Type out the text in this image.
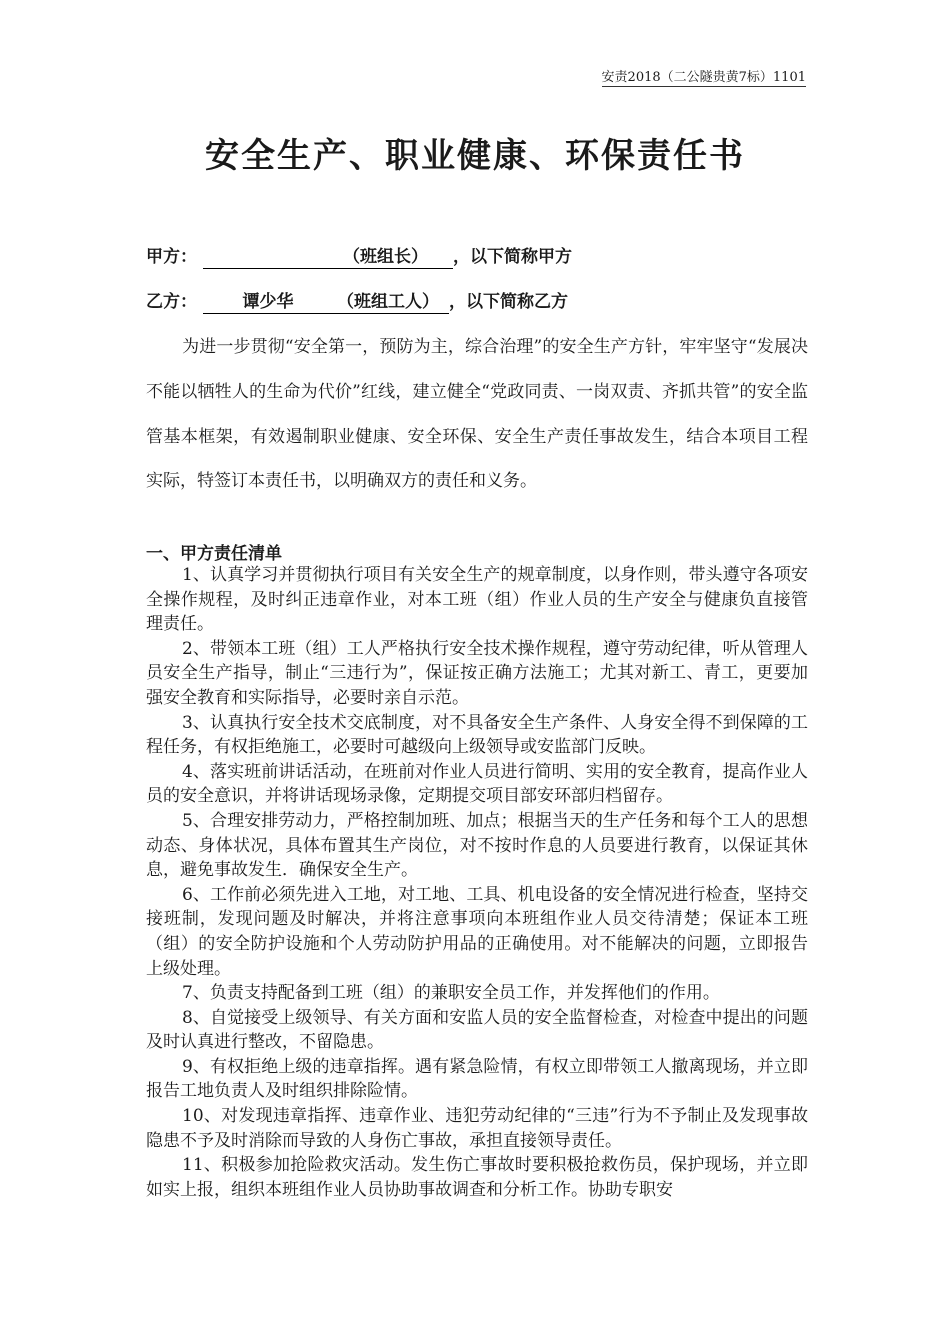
安责2018（二公隧贵黄7标）1101
安全生产、职业健康、环保责任书
甲方：	（班组长） ，以下简称甲方
乙方：	谭少华	（班组工人） ，以下简称乙方

为进一步贯彻“安全第一，预防为主，综合治理”的安全生产方针，牢牢坚守“发展决不能以牺牲人的生命为代价”红线，建立健全“党政同责、一岗双责、齐抓共管”的安全监管基本框架，有效遏制职业健康、安全环保、安全生产责任事故发生，结合本项目工程实际，特签订本责任书，以明确双方的责任和义务。

一、甲方责任清单

1、认真学习并贯彻执行项目有关安全生产的规章制度，以身作则，带头遵守各项安全操作规程，及时纠正违章作业，对本工班（组）作业人员的生产安全与健康负直接管理责任。

2、带领本工班（组）工人严格执行安全技术操作规程，遵守劳动纪律，听从管理人员安全生产指导，制止“三违行为”，保证按正确方法施工；尤其对新工、青工，更要加强安全教育和实际指导，必要时亲自示范。

3、认真执行安全技术交底制度，对不具备安全生产条件、人身安全得不到保障的工程任务，有权拒绝施工，必要时可越级向上级领导或安监部门反映。

4、落实班前讲话活动，在班前对作业人员进行简明、实用的安全教育，提高作业人员的安全意识，并将讲话现场录像，定期提交项目部安环部归档留存。

5、合理安排劳动力，严格控制加班、加点；根据当天的生产任务和每个工人的思想动态、身体状况，具体布置其生产岗位，对不按时作息的人员要进行教育，以保证其休息，避免事故发生．确保安全生产。

6、工作前必须先进入工地，对工地、工具、机电设备的安全情况进行检查，坚持交接班制，发现问题及时解决，并将注意事项向本班组作业人员交待清楚；保证本工班（组）的安全防护设施和个人劳动防护用品的正确使用。对不能解决的问题，立即报告上级处理。

7、负责支持配备到工班（组）的兼职安全员工作，并发挥他们的作用。

8、自觉接受上级领导、有关方面和安监人员的安全监督检查，对检查中提出的问题及时认真进行整改，不留隐患。

9、有权拒绝上级的违章指挥。遇有紧急险情，有权立即带领工人撤离现场，并立即报告工地负责人及时组织排除险情。

10、对发现违章指挥、违章作业、违犯劳动纪律的“三违”行为不予制止及发现事故隐患不予及时消除而导致的人身伤亡事故，承担直接领导责任。

11、积极参加抢险救灾活动。发生伤亡事故时要积极抢救伤员，保护现场，并立即如实上报，组织本班组作业人员协助事故调查和分析工作。协助专职安
